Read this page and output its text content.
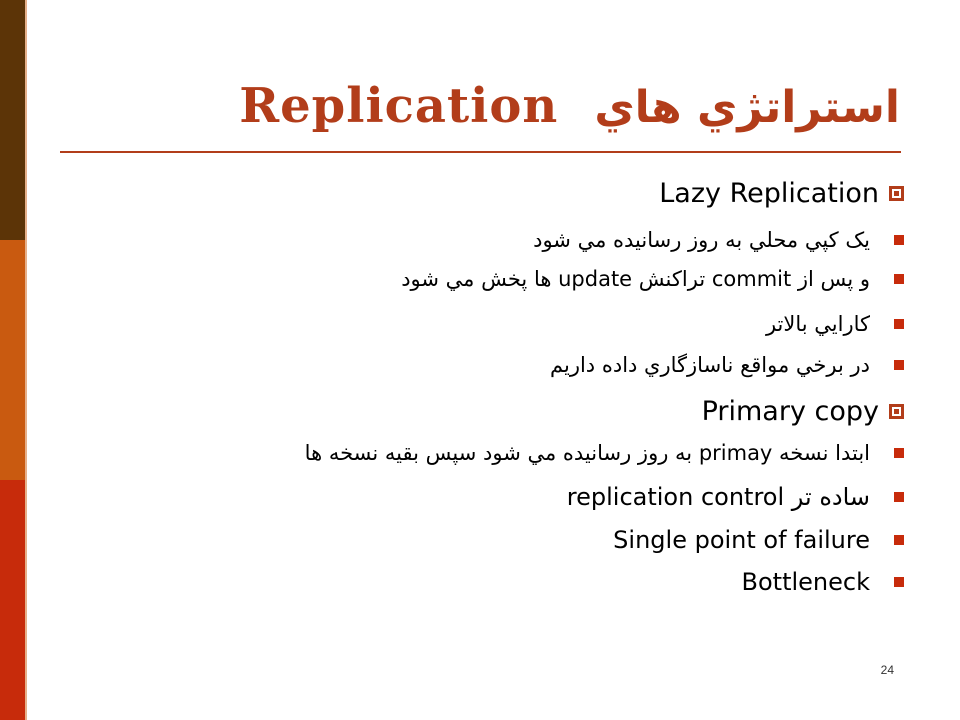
Replication استراتژي هاي
Lazy Replication
يک کپي محلي به روز رسانيده مي شود
و پس از commit تراکنش update ها پخش مي شود
کارايي بالاتر
در برخي مواقع ناسازگاري داده داريم
Primary copy
ابتدا نسخه primay به روز رسانيده مي شود سپس بقيه نسخه ها
replication control ساده تر
Single point of failure
Bottleneck
24
